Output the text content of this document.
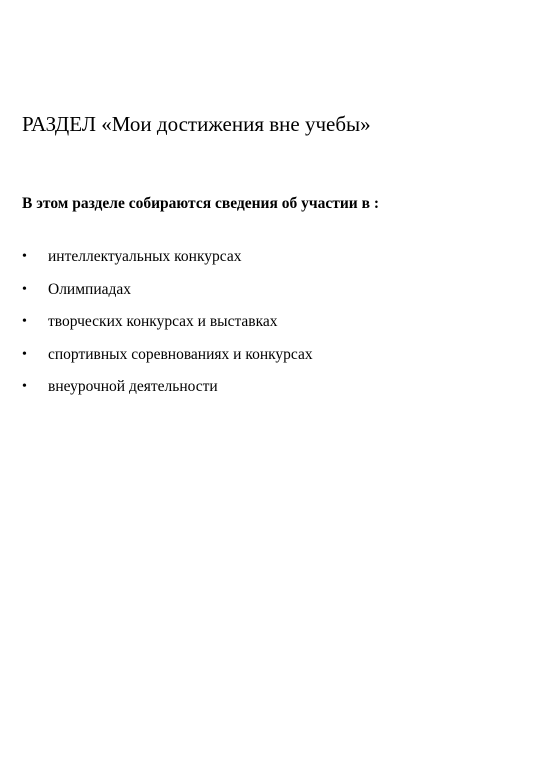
РАЗДЕЛ «Мои достижения вне учебы»

В этом разделе собираются сведения об участии в :

•	интеллектуальных конкурсах
•	Олимпиадах
•	творческих конкурсах и выставках
•	спортивных соревнованиях и конкурсах
•	внеурочной деятельности
